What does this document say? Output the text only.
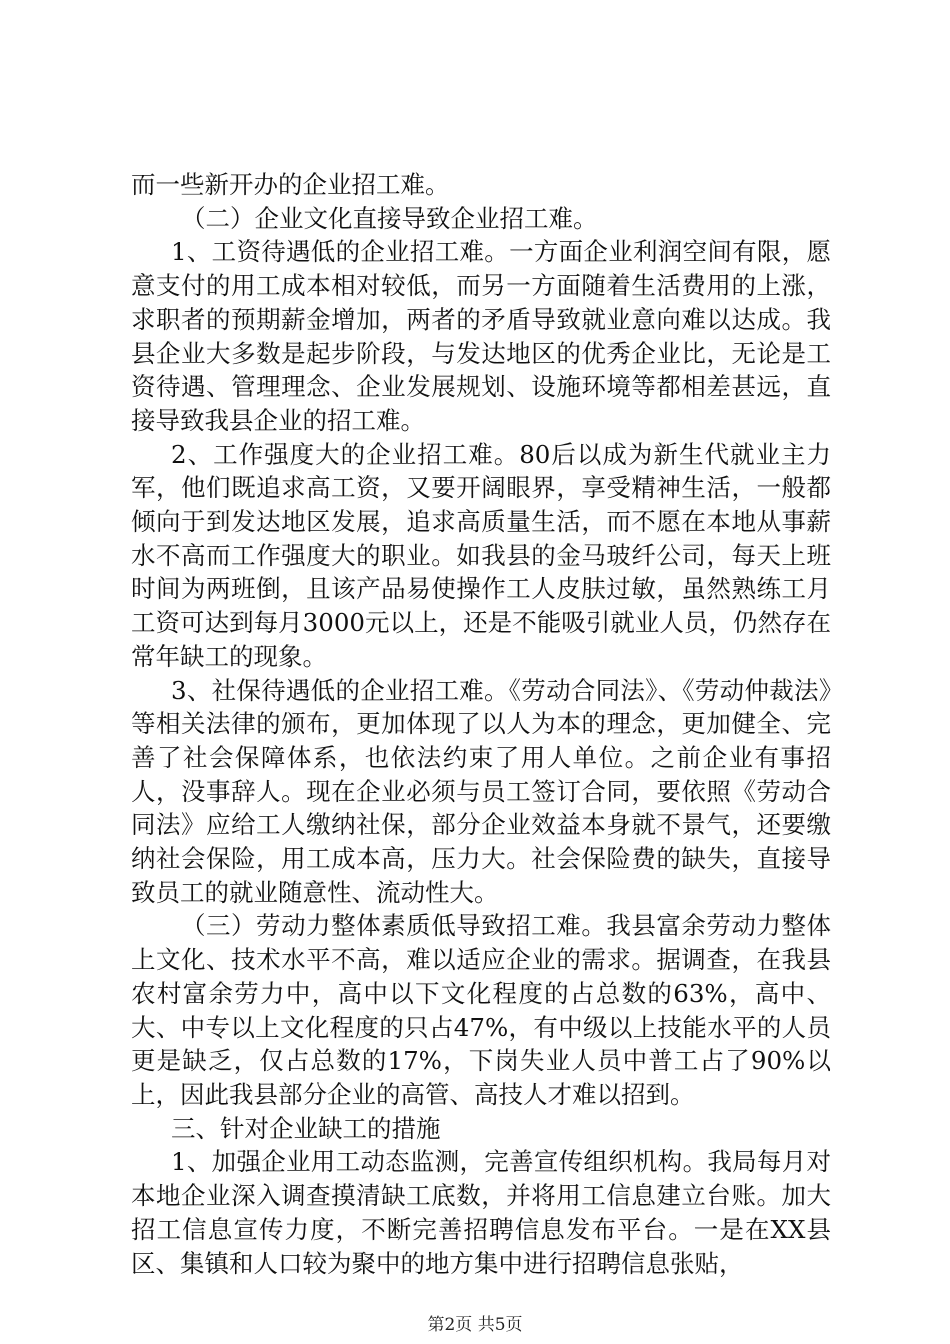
而一些新开办的企业招工难。

（二）企业文化直接导致企业招工难。

1、工资待遇低的企业招工难。一方面企业利润空间有限，愿意支付的用工成本相对较低，而另一方面随着生活费用的上涨，求职者的预期薪金增加，两者的矛盾导致就业意向难以达成。我县企业大多数是起步阶段，与发达地区的优秀企业比，无论是工资待遇、管理理念、企业发展规划、设施环境等都相差甚远，直接导致我县企业的招工难。

2、工作强度大的企业招工难。80后以成为新生代就业主力军，他们既追求高工资，又要开阔眼界，享受精神生活，一般都倾向于到发达地区发展，追求高质量生活，而不愿在本地从事薪水不高而工作强度大的职业。如我县的金马玻纤公司，每天上班时间为两班倒，且该产品易使操作工人皮肤过敏，虽然熟练工月工资可达到每月3000元以上，还是不能吸引就业人员，仍然存在常年缺工的现象。

3、社保待遇低的企业招工难。《劳动合同法》、《劳动仲裁法》等相关法律的颁布，更加体现了以人为本的理念，更加健全、完善了社会保障体系，也依法约束了用人单位。之前企业有事招人，没事辞人。现在企业必须与员工签订合同，要依照《劳动合同法》应给工人缴纳社保，部分企业效益本身就不景气，还要缴纳社会保险，用工成本高，压力大。社会保险费的缺失，直接导致员工的就业随意性、流动性大。

（三）劳动力整体素质低导致招工难。我县富余劳动力整体上文化、技术水平不高，难以适应企业的需求。据调查，在我县农村富余劳力中，高中以下文化程度的占总数的63%，高中、大、中专以上文化程度的只占47%，有中级以上技能水平的人员更是缺乏，仅占总数的17%，下岗失业人员中普工占了90%以上，因此我县部分企业的高管、高技人才难以招到。

三、针对企业缺工的措施

1、加强企业用工动态监测，完善宣传组织机构。我局每月对本地企业深入调查摸清缺工底数，并将用工信息建立台账。加大招工信息宣传力度，不断完善招聘信息发布平台。一是在XX县区、集镇和人口较为聚中的地方集中进行招聘信息张贴，

第2页 共5页
